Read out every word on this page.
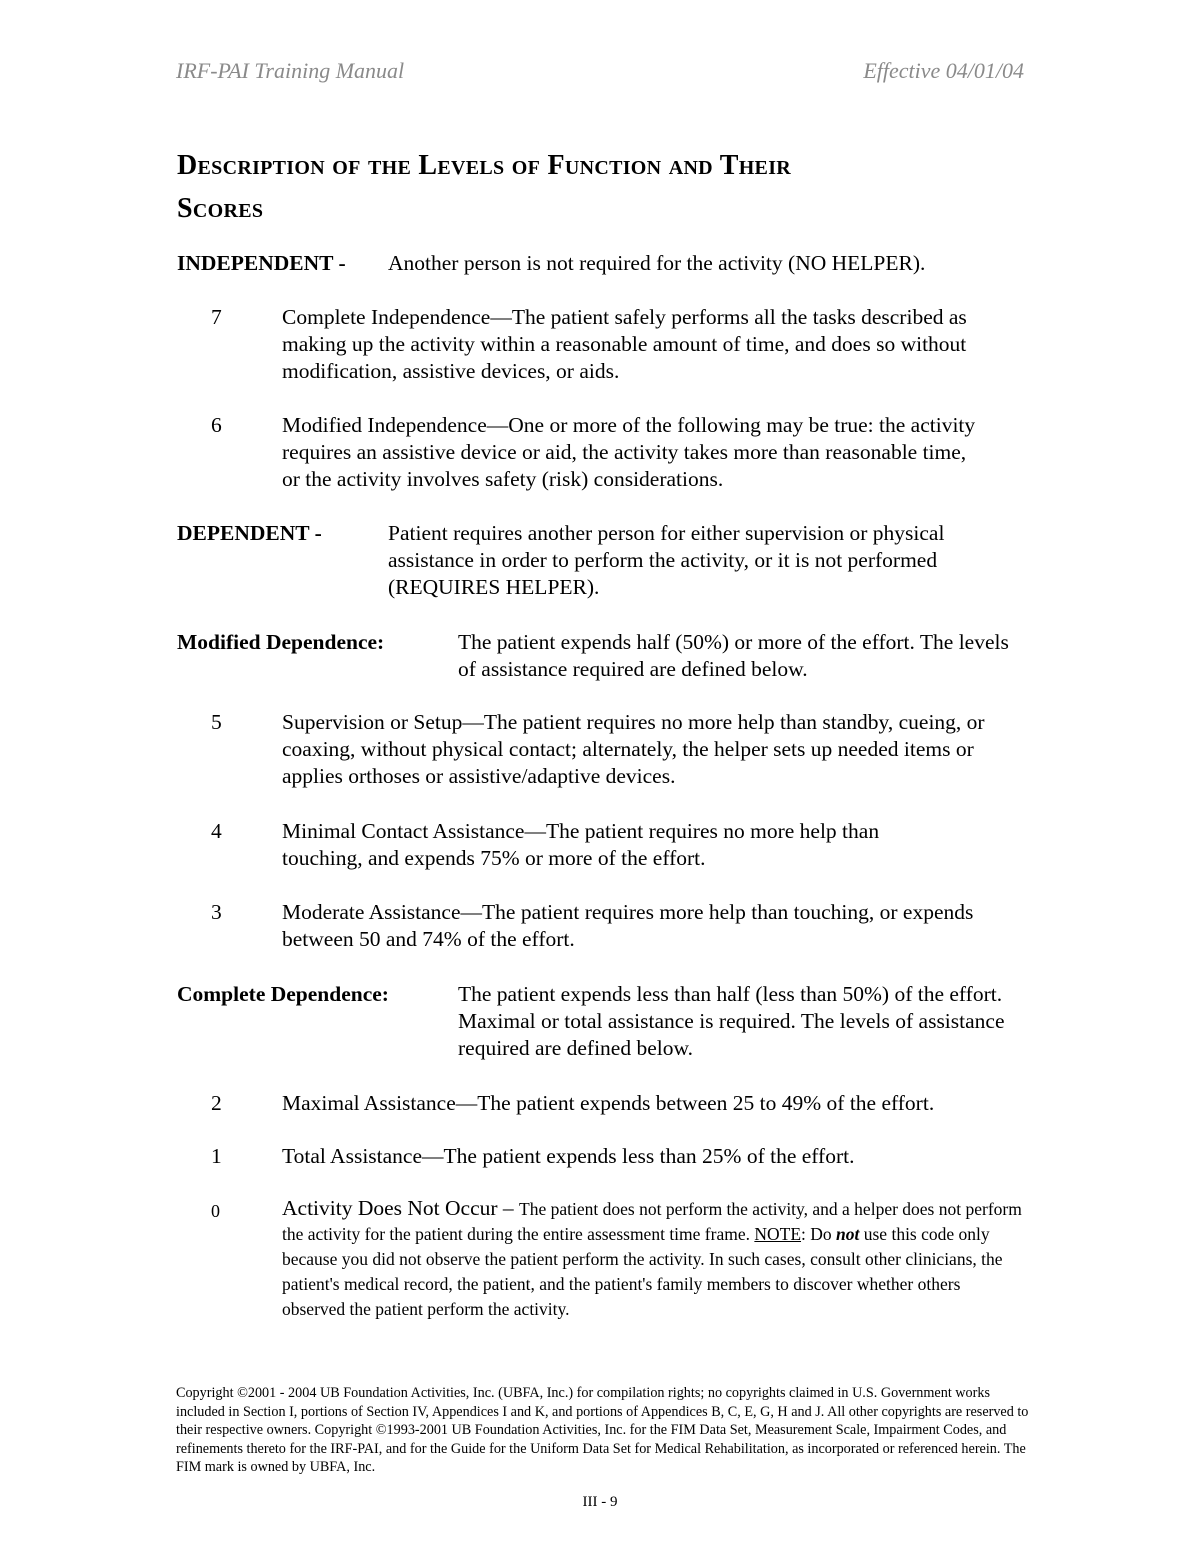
IRF-PAI Training Manual	Effective 04/01/04
Description of the Levels of Function and Their
Scores
INDEPENDENT - Another person is not required for the activity (NO HELPER).
7	Complete Independence—The patient safely performs all the tasks described as making up the activity within a reasonable amount of time, and does so without modification, assistive devices, or aids.
6	Modified Independence—One or more of the following may be true: the activity requires an assistive device or aid, the activity takes more than reasonable time, or the activity involves safety (risk) considerations.
DEPENDENT -	Patient requires another person for either supervision or physical assistance in order to perform the activity, or it is not performed (REQUIRES HELPER).
Modified Dependence:	The patient expends half (50%) or more of the effort. The levels of assistance required are defined below.
5	Supervision or Setup—The patient requires no more help than standby, cueing, or coaxing, without physical contact; alternately, the helper sets up needed items or applies orthoses or assistive/adaptive devices.
4	Minimal Contact Assistance—The patient requires no more help than touching, and expends 75% or more of the effort.
3	Moderate Assistance—The patient requires more help than touching, or expends between 50 and 74% of the effort.
Complete Dependence:	The patient expends less than half (less than 50%) of the effort. Maximal or total assistance is required. The levels of assistance required are defined below.
2	Maximal Assistance—The patient expends between 25 to 49% of the effort.
1	Total Assistance—The patient expends less than 25% of the effort.
0	Activity Does Not Occur – The patient does not perform the activity, and a helper does not perform the activity for the patient during the entire assessment time frame. NOTE: Do not use this code only because you did not observe the patient perform the activity. In such cases, consult other clinicians, the patient's medical record, the patient, and the patient's family members to discover whether others observed the patient perform the activity.
Copyright ©2001 - 2004 UB Foundation Activities, Inc. (UBFA, Inc.) for compilation rights; no copyrights claimed in U.S. Government works included in Section I, portions of Section IV, Appendices I and K, and portions of Appendices B, C, E, G, H and J. All other copyrights are reserved to their respective owners. Copyright ©1993-2001 UB Foundation Activities, Inc. for the FIM Data Set, Measurement Scale, Impairment Codes, and refinements thereto for the IRF-PAI, and for the Guide for the Uniform Data Set for Medical Rehabilitation, as incorporated or referenced herein. The FIM mark is owned by UBFA, Inc.
III - 9
